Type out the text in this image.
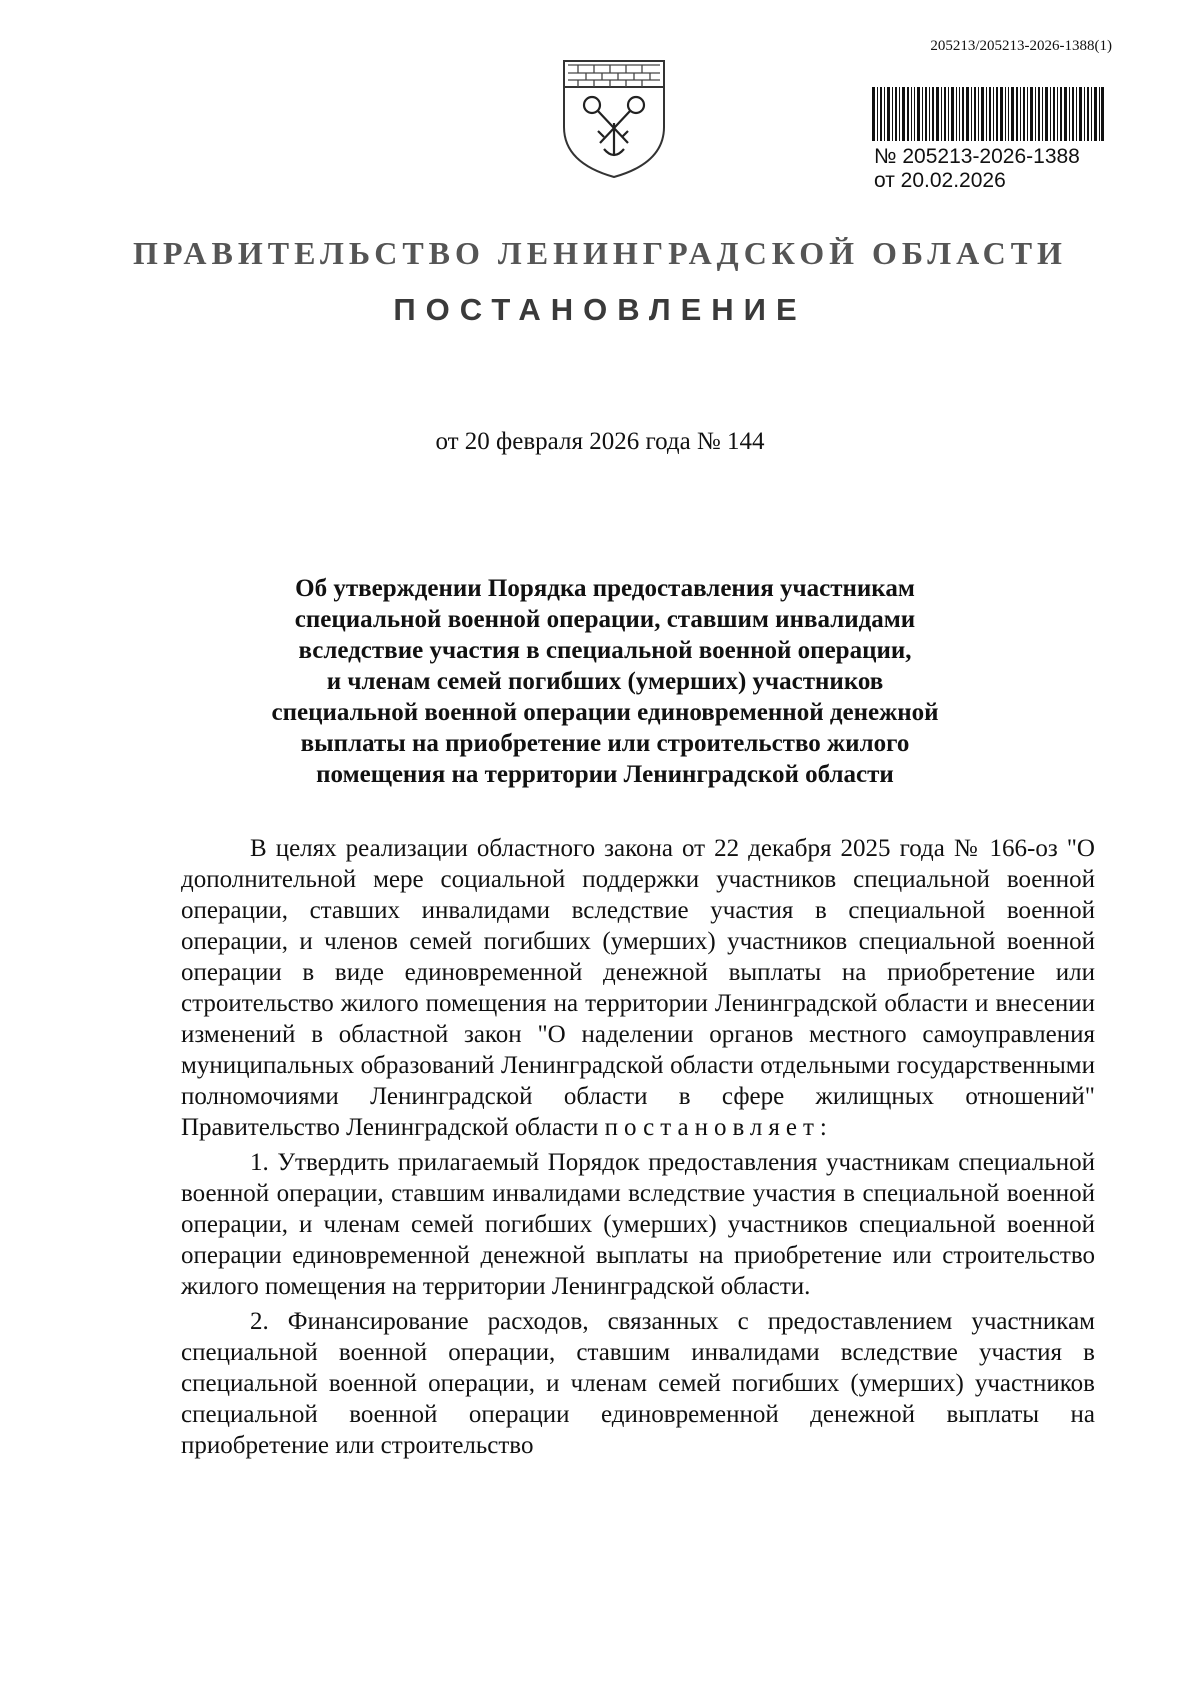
205213/205213-2026-1388(1)
№ 205213-2026-1388
от 20.02.2026
ПРАВИТЕЛЬСТВО ЛЕНИНГРАДСКОЙ ОБЛАСТИ
ПОСТАНОВЛЕНИЕ
от 20 февраля 2026 года № 144
Об утверждении Порядка предоставления участникам
специальной военной операции, ставшим инвалидами
вследствие участия в специальной военной операции,
и членам семей погибших (умерших) участников
специальной военной операции единовременной денежной
выплаты на приобретение или строительство жилого
помещения на территории Ленинградской области

В целях реализации областного закона от 22 декабря 2025 года № 166-оз "О дополнительной мере социальной поддержки участников специальной военной операции, ставших инвалидами вследствие участия в специальной военной операции, и членов семей погибших (умерших) участников специальной военной операции в виде единовременной денежной выплаты на приобретение или строительство жилого помещения на территории Ленинградской области и внесении изменений в областной закон "О наделении органов местного самоуправления муниципальных образований Ленинградской области отдельными государственными полномочиями Ленинградской области в сфере жилищных отношений" Правительство Ленинградской области постановляет:

1. Утвердить прилагаемый Порядок предоставления участникам специальной военной операции, ставшим инвалидами вследствие участия в специальной военной операции, и членам семей погибших (умерших) участников специальной военной операции единовременной денежной выплаты на приобретение или строительство жилого помещения на территории Ленинградской области.

2. Финансирование расходов, связанных с предоставлением участникам специальной военной операции, ставшим инвалидами вследствие участия в специальной военной операции, и членам семей погибших (умерших) участников специальной военной операции единовременной денежной выплаты на приобретение или строительство
